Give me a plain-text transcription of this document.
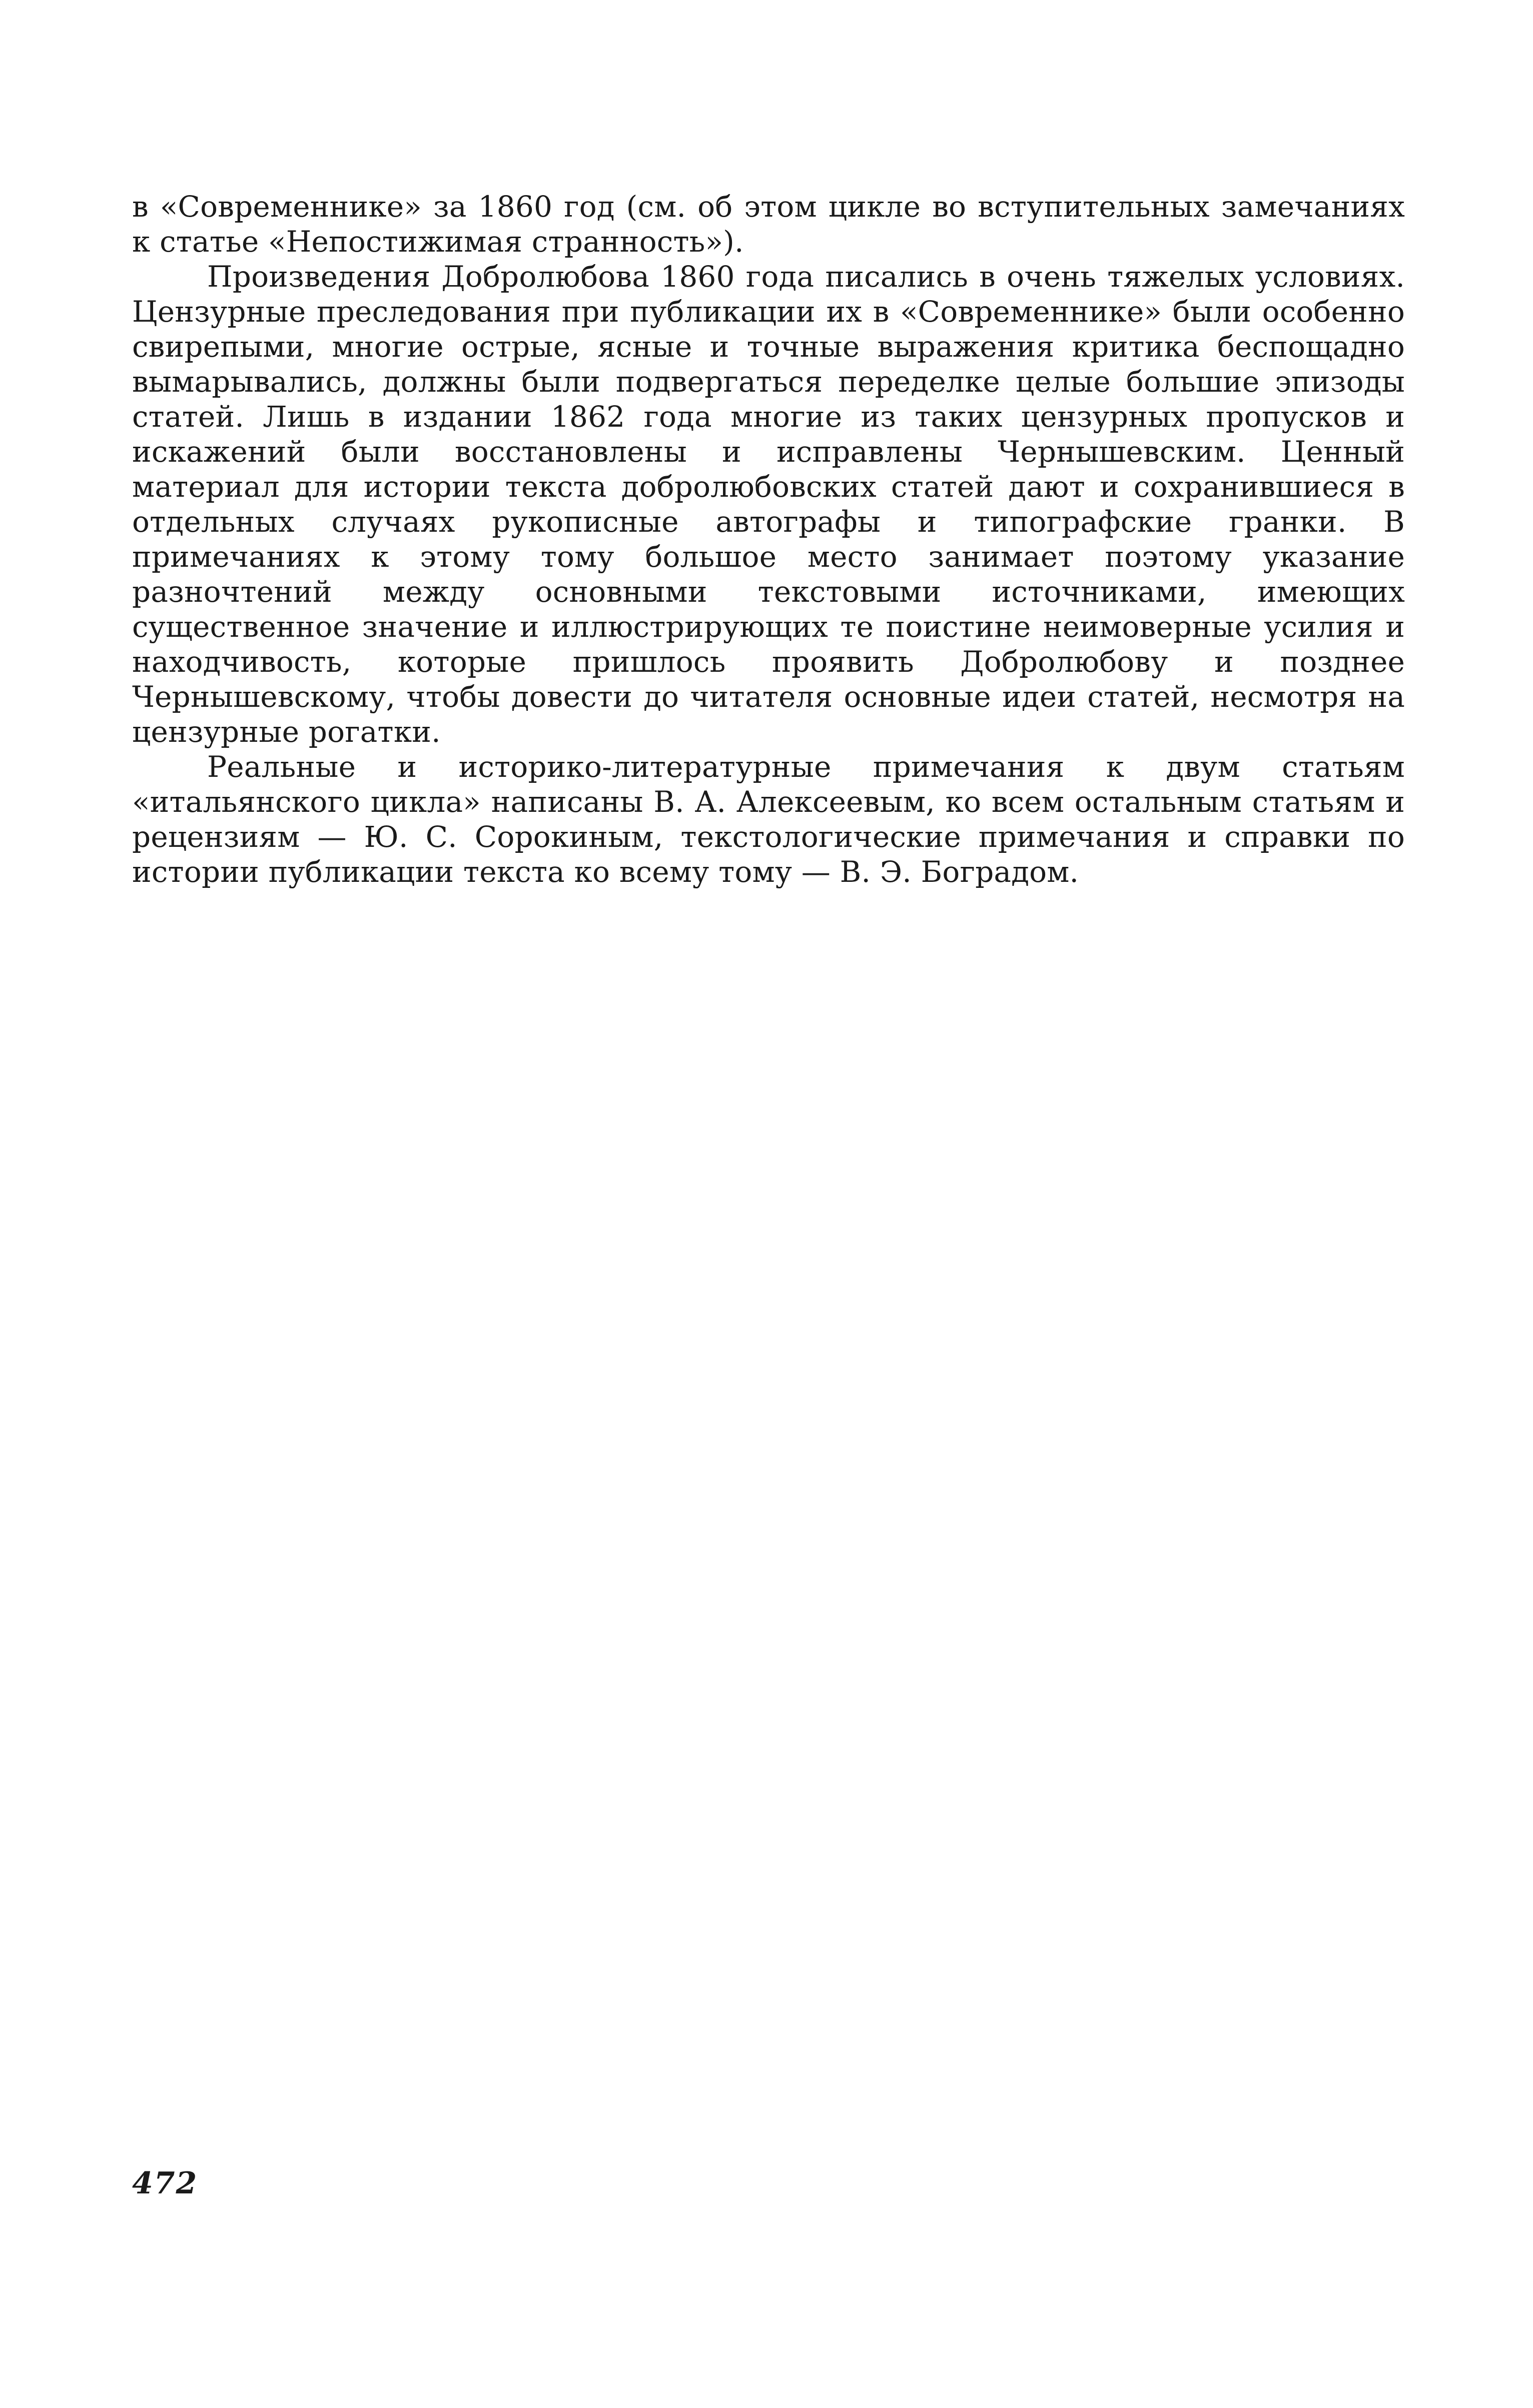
в «Современнике» за 1860 год (см. об этом цикле во вступительных замечаниях к статье «Непостижимая странность»).

Произведения Добролюбова 1860 года писались в очень тяжелых условиях. Цензурные преследования при публикации их в «Современнике» были особенно свирепыми, многие острые, ясные и точные выражения критика беспощадно вымарывались, должны были подвергаться переделке целые большие эпизоды статей. Лишь в издании 1862 года многие из таких цензурных пропусков и искажений были восстановлены и исправлены Чернышевским. Ценный материал для истории текста добролюбовских статей дают и сохранившиеся в отдельных случаях рукописные автографы и типографские гранки. В примечаниях к этому тому большое место занимает поэтому указание разночтений между основными текстовыми источниками, имеющих существенное значение и иллюстрирующих те поистине неимоверные усилия и находчивость, которые пришлось проявить Добролюбову и позднее Чернышевскому, чтобы довести до читателя основные идеи статей, несмотря на цензурные рогатки.

Реальные и историко-литературные примечания к двум статьям «итальянского цикла» написаны В. А. Алексеевым, ко всем остальным статьям и рецензиям — Ю. С. Сорокиным, текстологические примечания и справки по истории публикации текста ко всему тому — В. Э. Боградом.

472
